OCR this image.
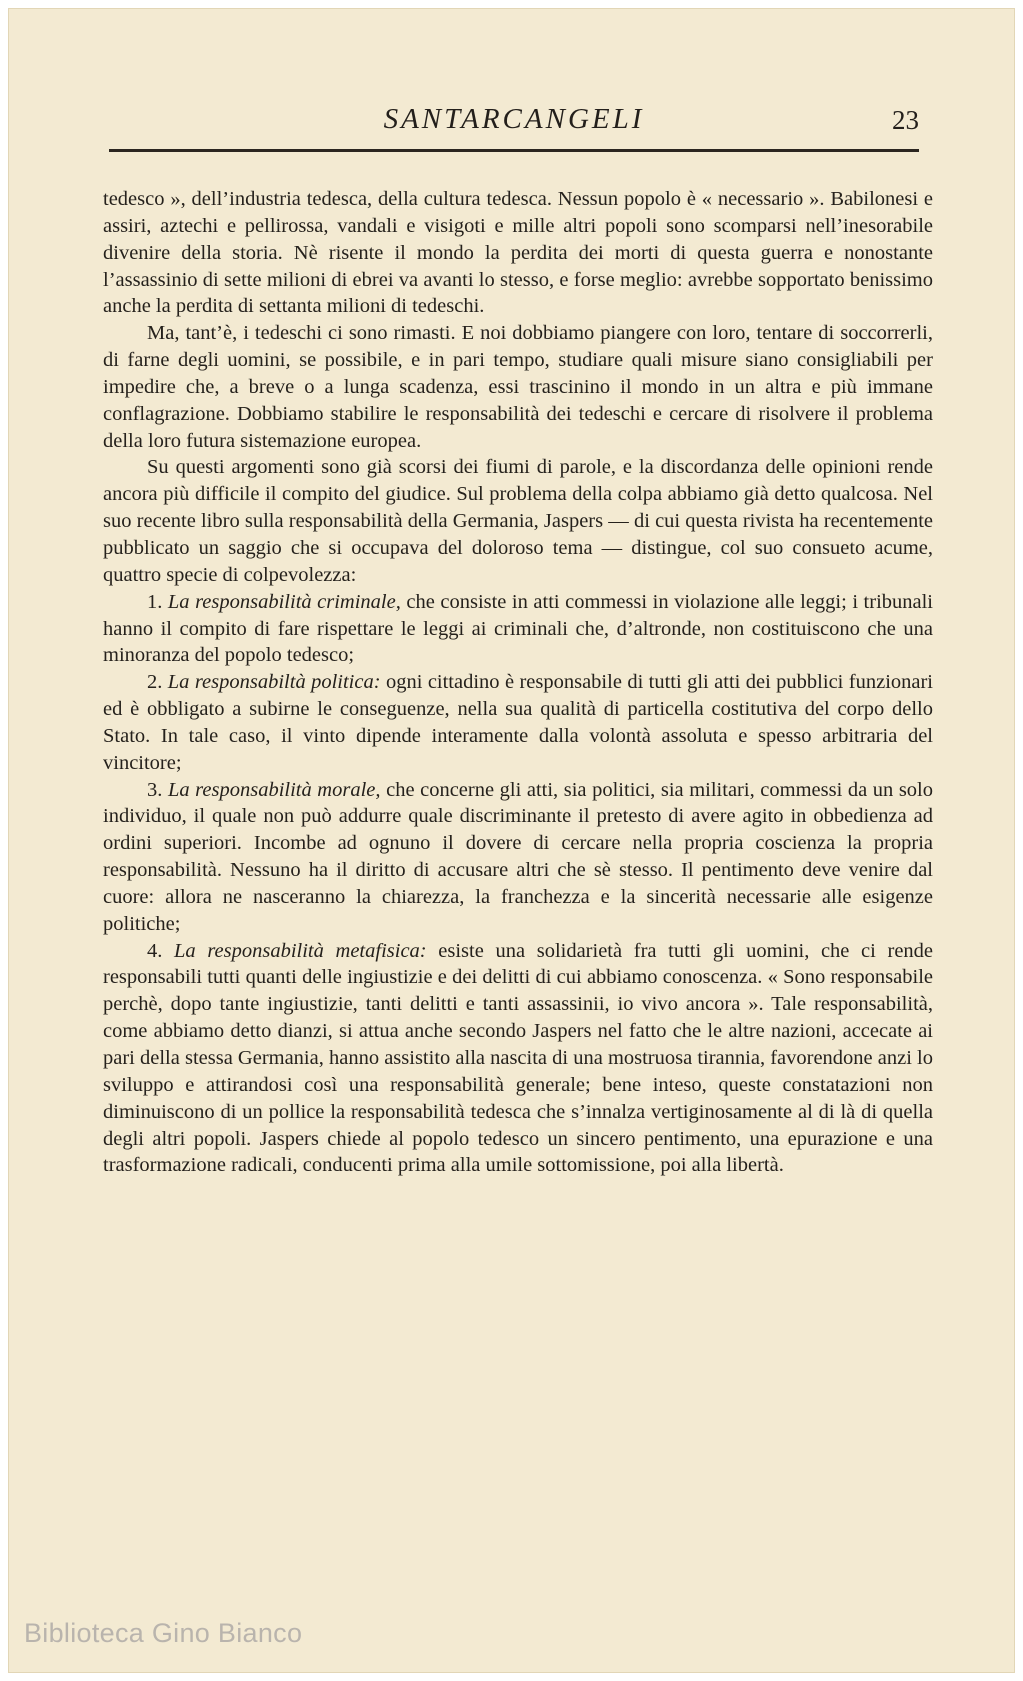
SANTARCANGELI	23

tedesco », dell’industria tedesca, della cultura tedesca. Nessun popolo è « necessario ». Babilonesi e assiri, aztechi e pellirossa, vandali e visigoti e mille altri popoli sono scomparsi nell’inesorabile divenire della storia. Nè risente il mondo la perdita dei morti di questa guerra e nonostante l’assassinio di sette milioni di ebrei va avanti lo stesso, e forse meglio: avrebbe sopportato benissimo anche la perdita di settanta milioni di tedeschi.

Ma, tant’è, i tedeschi ci sono rimasti. E noi dobbiamo piangere con loro, tentare di soccorrerli, di farne degli uomini, se possibile, e in pari tempo, studiare quali misure siano consigliabili per impedire che, a breve o a lunga scadenza, essi trascinino il mondo in un altra e più immane conflagrazione. Dobbiamo stabilire le responsabilità dei tedeschi e cercare di risolvere il problema della loro futura sistemazione europea.

Su questi argomenti sono già scorsi dei fiumi di parole, e la discordanza delle opinioni rende ancora più difficile il compito del giudice. Sul problema della colpa abbiamo già detto qualcosa. Nel suo recente libro sulla responsabilità della Germania, Jaspers — di cui questa rivista ha recentemente pubblicato un saggio che si occupava del doloroso tema — distingue, col suo consueto acume, quattro specie di colpevolezza:

1. La responsabilità criminale, che consiste in atti commessi in violazione alle leggi; i tribunali hanno il compito di fare rispettare le leggi ai criminali che, d’altronde, non costituiscono che una minoranza del popolo tedesco;

2. La responsabiltà politica: ogni cittadino è responsabile di tutti gli atti dei pubblici funzionari ed è obbligato a subirne le conseguenze, nella sua qualità di particella costitutiva del corpo dello Stato. In tale caso, il vinto dipende interamente dalla volontà assoluta e spesso arbitraria del vincitore;

3. La responsabilità morale, che concerne gli atti, sia politici, sia militari, commessi da un solo individuo, il quale non può addurre quale discriminante il pretesto di avere agito in obbedienza ad ordini superiori. Incombe ad ognuno il dovere di cercare nella propria coscienza la propria responsabilità. Nessuno ha il diritto di accusare altri che sè stesso. Il pentimento deve venire dal cuore: allora ne nasceranno la chiarezza, la franchezza e la sincerità necessarie alle esigenze politiche;

4. La responsabilità metafisica: esiste una solidarietà fra tutti gli uomini, che ci rende responsabili tutti quanti delle ingiustizie e dei delitti di cui abbiamo conoscenza. « Sono responsabile perchè, dopo tante ingiustizie, tanti delitti e tanti assassinii, io vivo ancora ». Tale responsabilità, come abbiamo detto dianzi, si attua anche secondo Jaspers nel fatto che le altre nazioni, accecate ai pari della stessa Germania, hanno assistito alla nascita di una mostruosa tirannia, favorendone anzi lo sviluppo e attirandosi così una responsabilità generale; bene inteso, queste constatazioni non diminuiscono di un pollice la responsabilità tedesca che s’innalza vertiginosamente al di là di quella degli altri popoli. Jaspers chiede al popolo tedesco un sincero pentimento, una epurazione e una trasformazione radicali, conducenti prima alla umile sottomissione, poi alla libertà.

Biblioteca Gino Bianco
